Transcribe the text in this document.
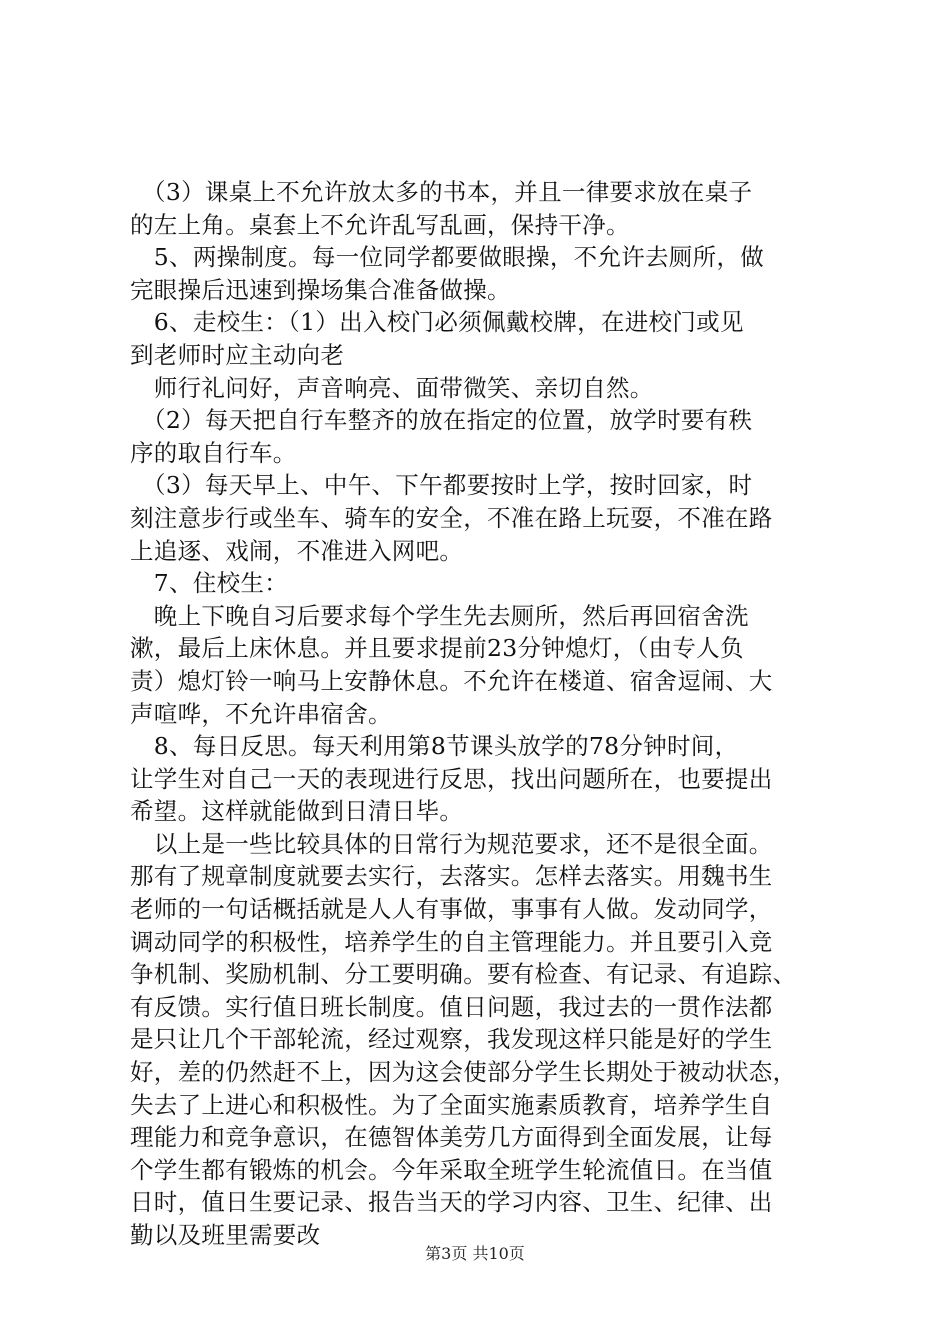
　（3）课桌上不允许放太多的书本，并且一律要求放在桌子
的左上角。桌套上不允许乱写乱画，保持干净。
　5、两操制度。每一位同学都要做眼操，不允许去厕所，做
完眼操后迅速到操场集合准备做操。
　6、走校生：（1）出入校门必须佩戴校牌，在进校门或见
到老师时应主动向老
　师行礼问好，声音响亮、面带微笑、亲切自然。
　（2）每天把自行车整齐的放在指定的位置，放学时要有秩
序的取自行车。
　（3）每天早上、中午、下午都要按时上学，按时回家，时
刻注意步行或坐车、骑车的安全，不准在路上玩耍，不准在路
上追逐、戏闹，不准进入网吧。
　7、住校生：
　晚上下晚自习后要求每个学生先去厕所，然后再回宿舍洗
漱，最后上床休息。并且要求提前23分钟熄灯，（由专人负
责）熄灯铃一响马上安静休息。不允许在楼道、宿舍逗闹、大
声喧哗，不允许串宿舍。
　8、每日反思。每天利用第8节课头放学的78分钟时间，
让学生对自己一天的表现进行反思，找出问题所在，也要提出
希望。这样就能做到日清日毕。
　以上是一些比较具体的日常行为规范要求，还不是很全面。
那有了规章制度就要去实行，去落实。怎样去落实。用魏书生
老师的一句话概括就是人人有事做，事事有人做。发动同学，
调动同学的积极性，培养学生的自主管理能力。并且要引入竞
争机制、奖励机制、分工要明确。要有检查、有记录、有追踪、
有反馈。实行值日班长制度。值日问题，我过去的一贯作法都
是只让几个干部轮流，经过观察，我发现这样只能是好的学生
好，差的仍然赶不上，因为这会使部分学生长期处于被动状态，
失去了上进心和积极性。为了全面实施素质教育，培养学生自
理能力和竞争意识，在德智体美劳几方面得到全面发展，让每
个学生都有锻炼的机会。今年采取全班学生轮流值日。在当值
日时，值日生要记录、报告当天的学习内容、卫生、纪律、出
勤以及班里需要改
第3页 共10页
